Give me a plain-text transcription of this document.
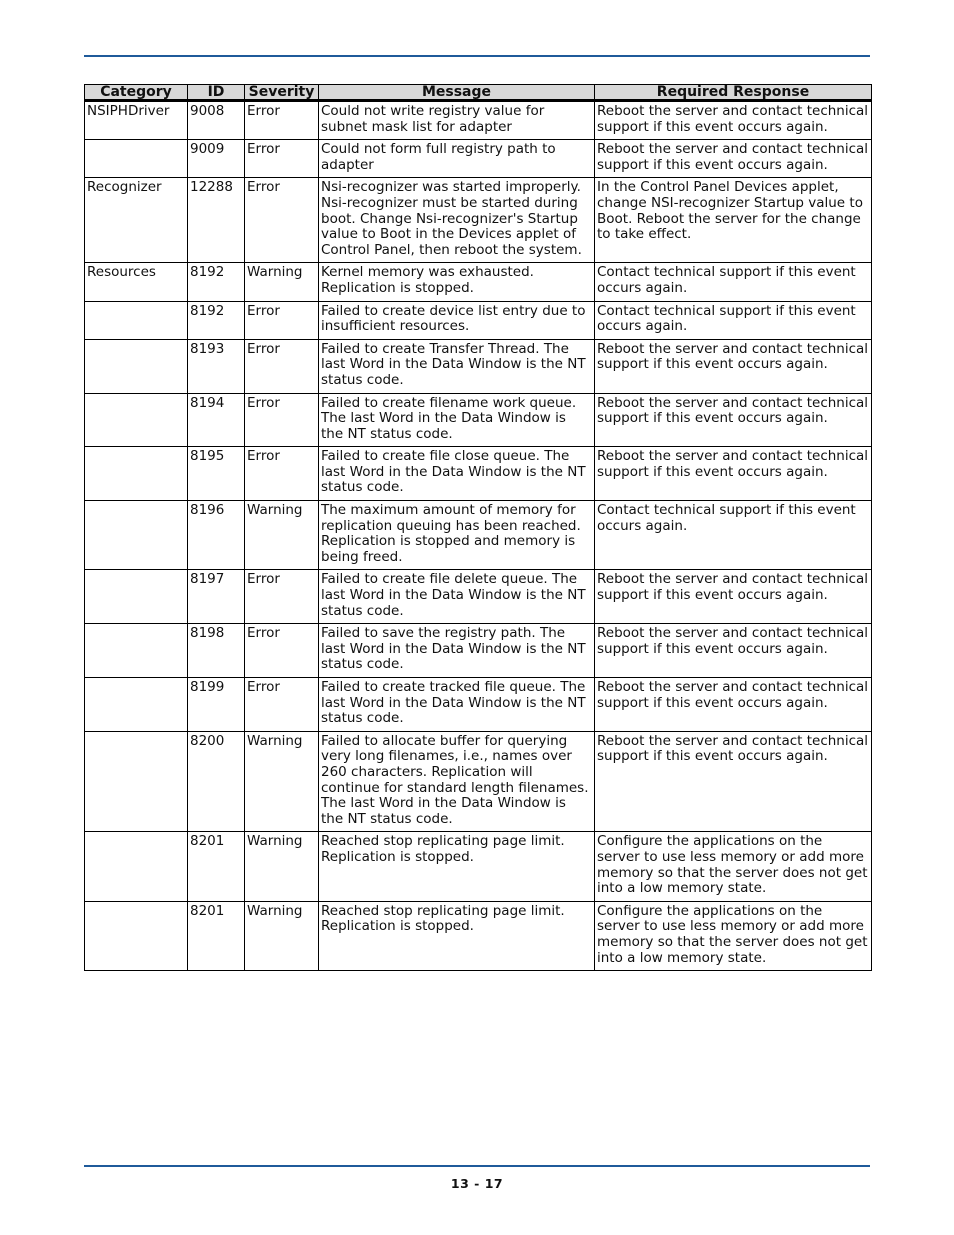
Category	ID	Severity	Message	Required Response
NSIPHDriver	9008	Error	Could not write registry value for subnet mask list for adapter	Reboot the server and contact technical support if this event occurs again.
	9009	Error	Could not form full registry path to adapter	Reboot the server and contact technical support if this event occurs again.
Recognizer	12288	Error	Nsi-recognizer was started improperly. Nsi-recognizer must be started during boot. Change Nsi-recognizer's Startup value to Boot in the Devices applet of Control Panel, then reboot the system.	In the Control Panel Devices applet, change NSI-recognizer Startup value to Boot. Reboot the server for the change to take effect.
Resources	8192	Warning	Kernel memory was exhausted. Replication is stopped.	Contact technical support if this event occurs again.
	8192	Error	Failed to create device list entry due to insufficient resources.	Contact technical support if this event occurs again.
	8193	Error	Failed to create Transfer Thread. The last Word in the Data Window is the NT status code.	Reboot the server and contact technical support if this event occurs again.
	8194	Error	Failed to create filename work queue. The last Word in the Data Window is the NT status code.	Reboot the server and contact technical support if this event occurs again.
	8195	Error	Failed to create file close queue. The last Word in the Data Window is the NT status code.	Reboot the server and contact technical support if this event occurs again.
	8196	Warning	The maximum amount of memory for replication queuing has been reached. Replication is stopped and memory is being freed.	Contact technical support if this event occurs again.
	8197	Error	Failed to create file delete queue. The last Word in the Data Window is the NT status code.	Reboot the server and contact technical support if this event occurs again.
	8198	Error	Failed to save the registry path. The last Word in the Data Window is the NT status code.	Reboot the server and contact technical support if this event occurs again.
	8199	Error	Failed to create tracked file queue. The last Word in the Data Window is the NT status code.	Reboot the server and contact technical support if this event occurs again.
	8200	Warning	Failed to allocate buffer for querying very long filenames, i.e., names over 260 characters. Replication will continue for standard length filenames. The last Word in the Data Window is the NT status code.	Reboot the server and contact technical support if this event occurs again.
	8201	Warning	Reached stop replicating page limit. Replication is stopped.	Configure the applications on the server to use less memory or add more memory so that the server does not get into a low memory state.
	8201	Warning	Reached stop replicating page limit. Replication is stopped.	Configure the applications on the server to use less memory or add more memory so that the server does not get into a low memory state.
13 - 17
